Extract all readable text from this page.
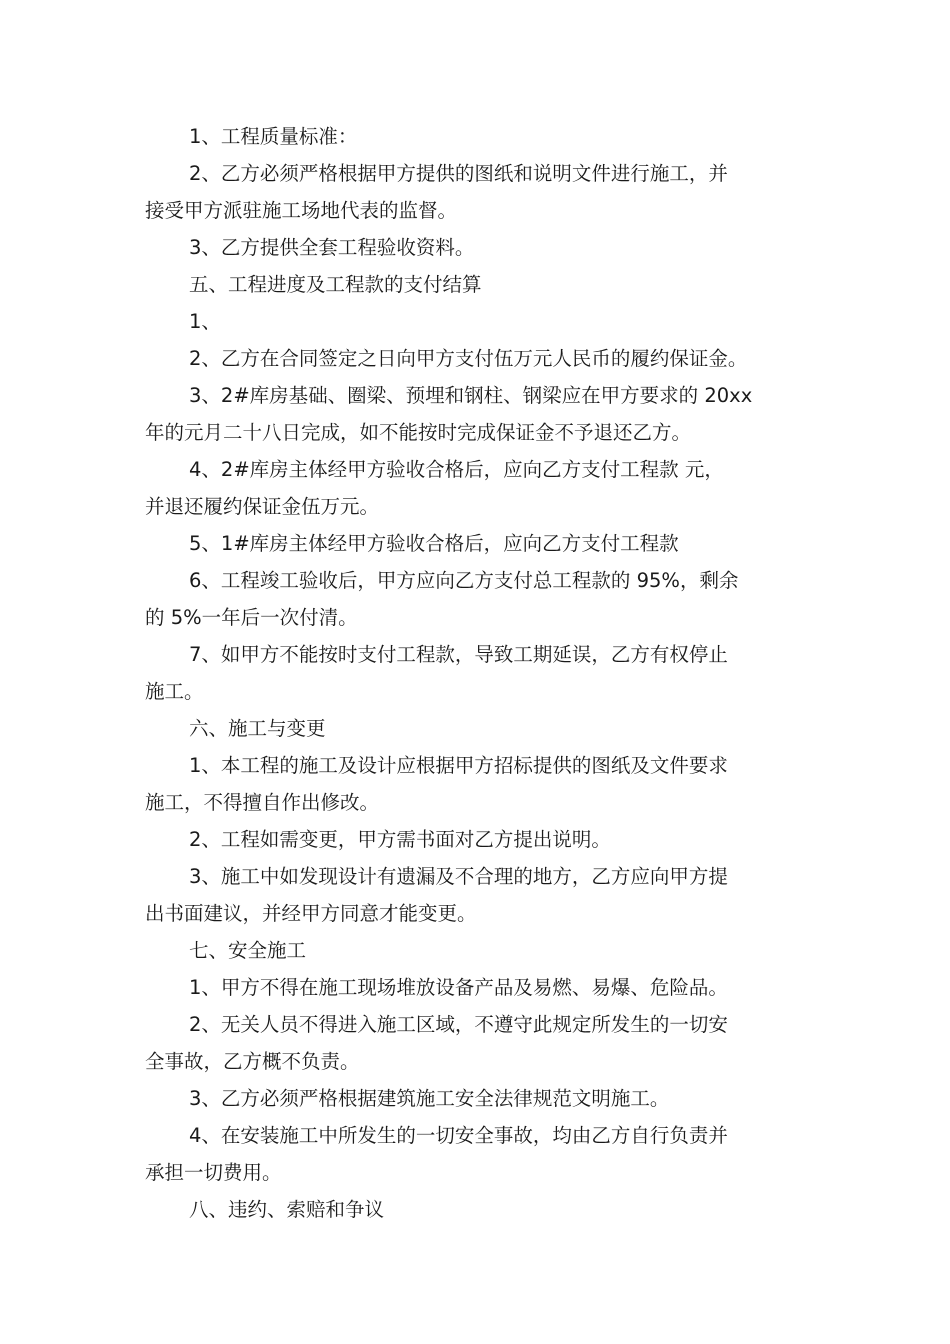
1、工程质量标准：
2、乙方必须严格根据甲方提供的图纸和说明文件进行施工，并
接受甲方派驻施工场地代表的监督。
3、乙方提供全套工程验收资料。
五、工程进度及工程款的支付结算
1、
2、乙方在合同签定之日向甲方支付伍万元人民币的履约保证金。
3、2#库房基础、圈梁、预埋和钢柱、钢梁应在甲方要求的 20xx
年的元月二十八日完成，如不能按时完成保证金不予退还乙方。
4、2#库房主体经甲方验收合格后，应向乙方支付工程款 元，
并退还履约保证金伍万元。
5、1#库房主体经甲方验收合格后，应向乙方支付工程款
6、工程竣工验收后，甲方应向乙方支付总工程款的 95%，剩余
的 5%一年后一次付清。
7、如甲方不能按时支付工程款，导致工期延误，乙方有权停止
施工。
六、施工与变更
1、本工程的施工及设计应根据甲方招标提供的图纸及文件要求
施工，不得擅自作出修改。
2、工程如需变更，甲方需书面对乙方提出说明。
3、施工中如发现设计有遗漏及不合理的地方，乙方应向甲方提
出书面建议，并经甲方同意才能变更。
七、安全施工
1、甲方不得在施工现场堆放设备产品及易燃、易爆、危险品。
2、无关人员不得进入施工区域，不遵守此规定所发生的一切安
全事故，乙方概不负责。
3、乙方必须严格根据建筑施工安全法律规范文明施工。
4、在安装施工中所发生的一切安全事故，均由乙方自行负责并
承担一切费用。
八、违约、索赔和争议
